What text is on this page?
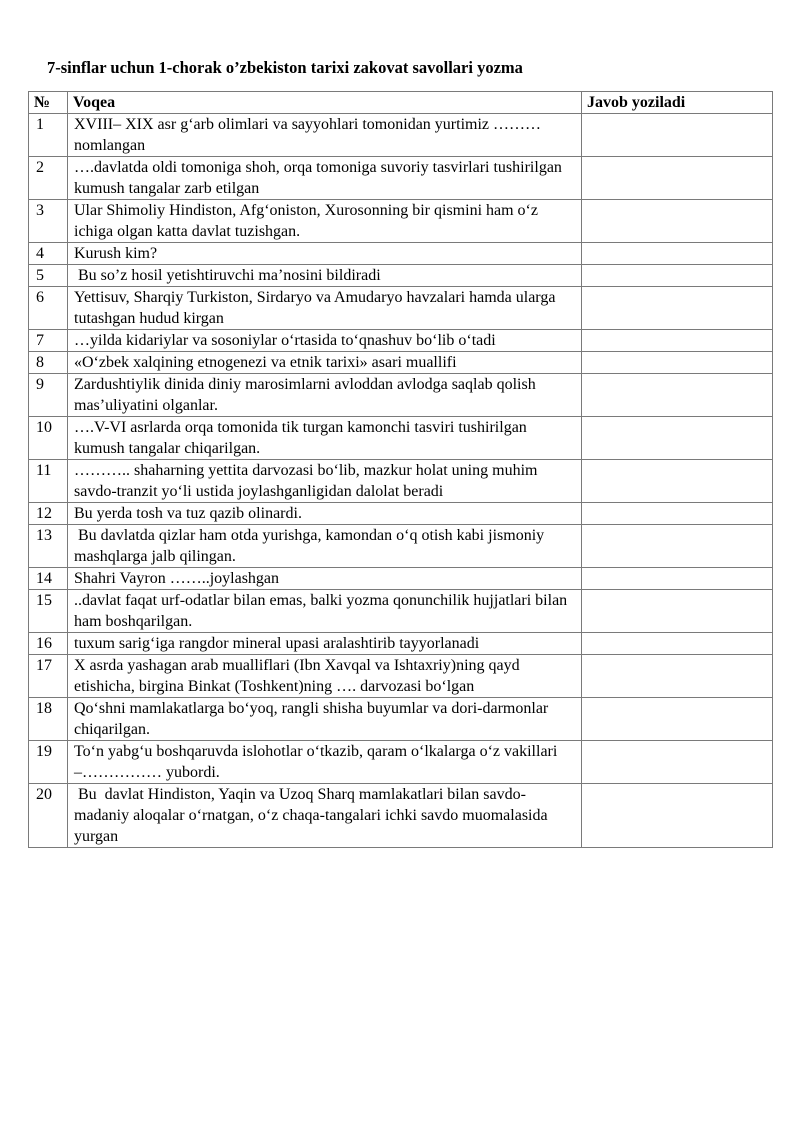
7-sinflar uchun 1-chorak o’zbekiston tarixi zakovat savollari yozma
№	Voqea	Javob yoziladi
1	XVIII– XIX asr g‘arb olimlari va sayyohlari tomonidan yurtimiz ………nomlangan	
2	….davlatda oldi tomoniga shoh, orqa tomoniga suvoriy tasvirlari tushirilgan kumush tangalar zarb etilgan	
3	Ular Shimoliy Hindiston, Afg‘oniston, Xurosonning bir qismini ham o‘z ichiga olgan katta davlat tuzishgan.	
4	Kurush kim?	
5	Bu so’z hosil yetishtiruvchi ma’nosini bildiradi	
6	Yettisuv, Sharqiy Turkiston, Sirdaryo va Amudaryo havzalari hamda ularga tutashgan hudud kirgan	
7	…yilda kidariylar va sosoniylar o‘rtasida to‘qnashuv bo‘lib o‘tadi	
8	«O‘zbek xalqining etnogenezi va etnik tarixi» asari muallifi	
9	Zardushtiylik dinida diniy marosimlarni avloddan avlodga saqlab qolish mas’uliyatini olganlar.	
10	….V-VI asrlarda orqa tomonida tik turgan kamonchi tasviri tushirilgan kumush tangalar chiqarilgan.	
11	……….. shaharning yettita darvozasi bo‘lib, mazkur holat uning muhim savdo-tranzit yo‘li ustida joylashganligidan dalolat beradi	
12	Bu yerda tosh va tuz qazib olinardi.	
13	Bu davlatda qizlar ham otda yurishga, kamondan o‘q otish kabi jismoniy mashqlarga jalb qilingan.	
14	Shahri Vayron ……..joylashgan	
15	..davlat faqat urf-odatlar bilan emas, balki yozma qonunchilik hujjatlari bilan ham boshqarilgan.	
16	tuxum sarig‘iga rangdor mineral upasi aralashtirib tayyorlanadi	
17	X asrda yashagan arab mualliflari (Ibn Xavqal va Ishtaxriy)ning qayd etishicha, birgina Binkat (Toshkent)ning …. darvozasi bo‘lgan	
18	Qo‘shni mamlakatlarga bo‘yoq, rangli shisha buyumlar va dori-darmonlar chiqarilgan.	
19	To‘n yabg‘u boshqaruvda islohotlar o‘tkazib, qaram o‘lkalarga o‘z vakillari –…………… yubordi.	
20	Bu  davlat Hindiston, Yaqin va Uzoq Sharq mamlakatlari bilan savdo-madaniy aloqalar o‘rnatgan, o‘z chaqa-tangalari ichki savdo muomalasida yurgan	
